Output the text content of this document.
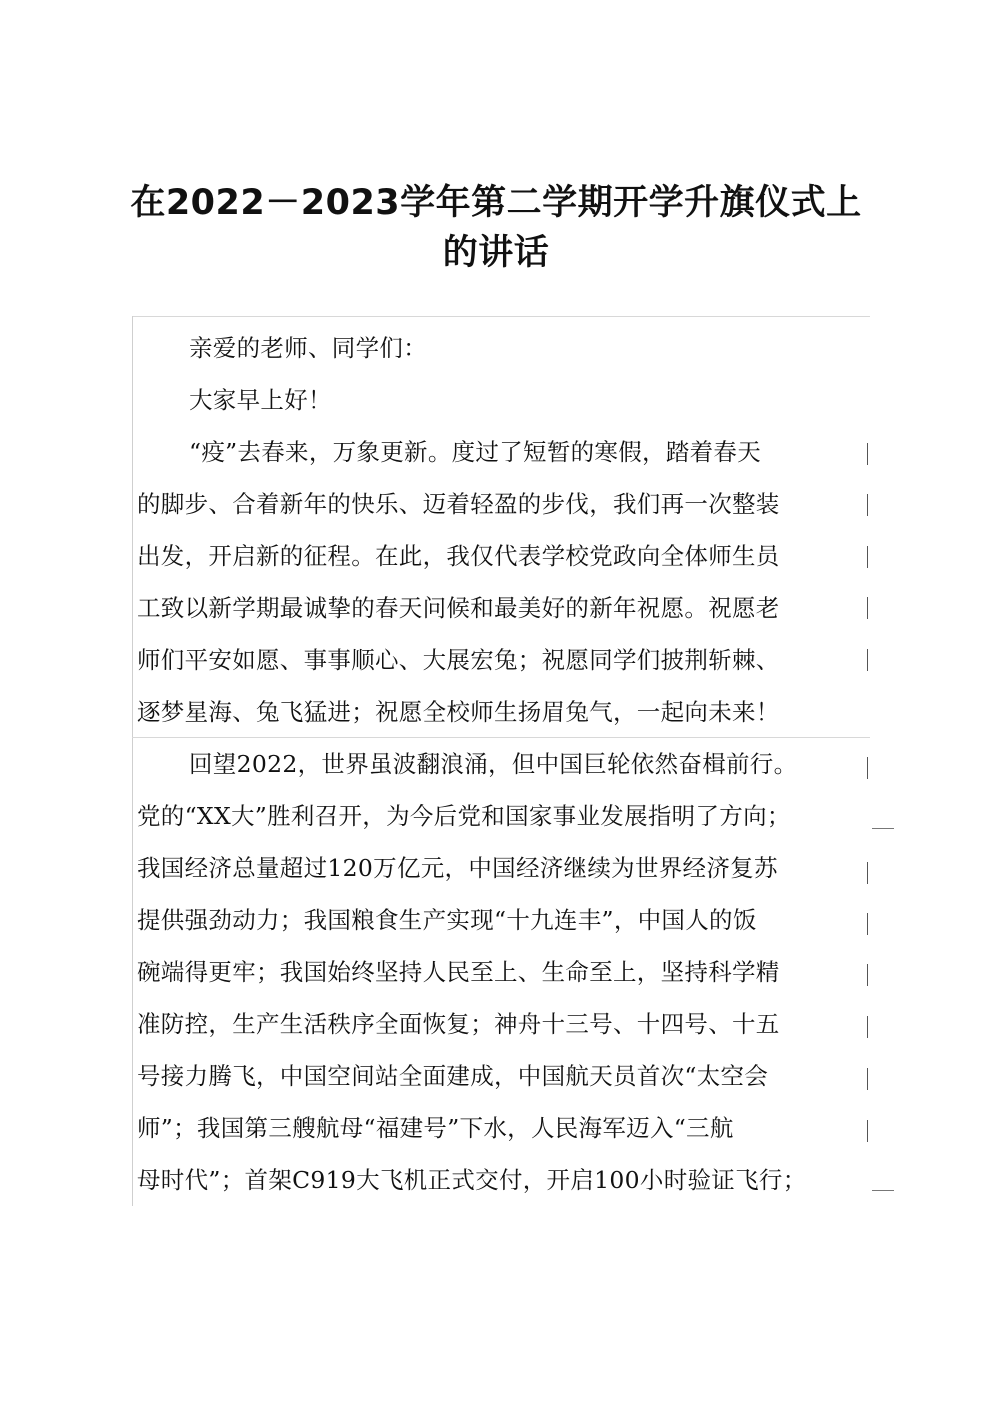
在2022－2023学年第二学期开学升旗仪式上
的讲话
亲爱的老师、同学们：
大家早上好！
“疫”去春来，万象更新。度过了短暂的寒假，踏着春天
的脚步、合着新年的快乐、迈着轻盈的步伐，我们再一次整装
出发，开启新的征程。在此，我仅代表学校党政向全体师生员
工致以新学期最诚挚的春天问候和最美好的新年祝愿。祝愿老
师们平安如愿、事事顺心、大展宏兔；祝愿同学们披荆斩棘、
逐梦星海、兔飞猛进；祝愿全校师生扬眉兔气，一起向未来！
回望2022，世界虽波翻浪涌，但中国巨轮依然奋楫前行。
党的“XX大”胜利召开，为今后党和国家事业发展指明了方向；
我国经济总量超过120万亿元，中国经济继续为世界经济复苏
提供强劲动力；我国粮食生产实现“十九连丰”，中国人的饭
碗端得更牢；我国始终坚持人民至上、生命至上，坚持科学精
准防控，生产生活秩序全面恢复；神舟十三号、十四号、十五
号接力腾飞，中国空间站全面建成，中国航天员首次“太空会
师”；我国第三艘航母“福建号”下水，人民海军迈入“三航
母时代”；首架C919大飞机正式交付，开启100小时验证飞行；
